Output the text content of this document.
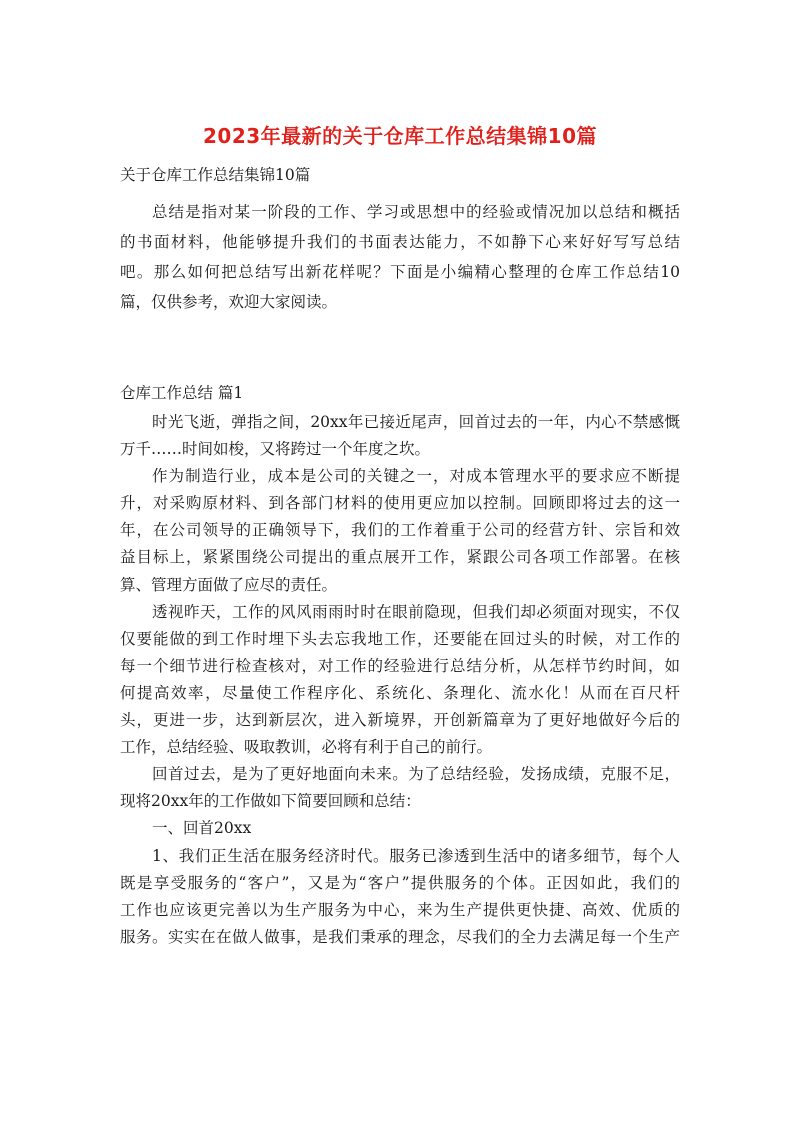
2023年最新的关于仓库工作总结集锦10篇
关于仓库工作总结集锦10篇
总结是指对某一阶段的工作、学习或思想中的经验或情况加以总结和概括
的书面材料，他能够提升我们的书面表达能力，不如静下心来好好写写总结
吧。那么如何把总结写出新花样呢？下面是小编精心整理的仓库工作总结10
篇，仅供参考，欢迎大家阅读。
仓库工作总结 篇1
时光飞逝，弹指之间，20xx年已接近尾声，回首过去的一年，内心不禁感慨
万千……时间如梭，又将跨过一个年度之坎。
作为制造行业，成本是公司的关键之一，对成本管理水平的要求应不断提
升，对采购原材料、到各部门材料的使用更应加以控制。回顾即将过去的这一
年，在公司领导的正确领导下，我们的工作着重于公司的经营方针、宗旨和效
益目标上，紧紧围绕公司提出的重点展开工作，紧跟公司各项工作部署。在核
算、管理方面做了应尽的责任。
透视昨天，工作的风风雨雨时时在眼前隐现，但我们却必须面对现实，不仅
仅要能做的到工作时埋下头去忘我地工作，还要能在回过头的时候，对工作的
每一个细节进行检查核对，对工作的经验进行总结分析，从怎样节约时间，如
何提高效率，尽量使工作程序化、系统化、条理化、流水化！从而在百尺杆
头，更进一步，达到新层次，进入新境界，开创新篇章为了更好地做好今后的
工作，总结经验、吸取教训，必将有利于自己的前行。
回首过去，是为了更好地面向未来。为了总结经验，发扬成绩，克服不足，
现将20xx年的工作做如下简要回顾和总结：
一、回首20xx
1、我们正生活在服务经济时代。服务已渗透到生活中的诸多细节，每个人
既是享受服务的“客户”，又是为“客户”提供服务的个体。正因如此，我们的
工作也应该更完善以为生产服务为中心，来为生产提供更快捷、高效、优质的
服务。实实在在做人做事，是我们秉承的理念，尽我们的全力去满足每一个生产
